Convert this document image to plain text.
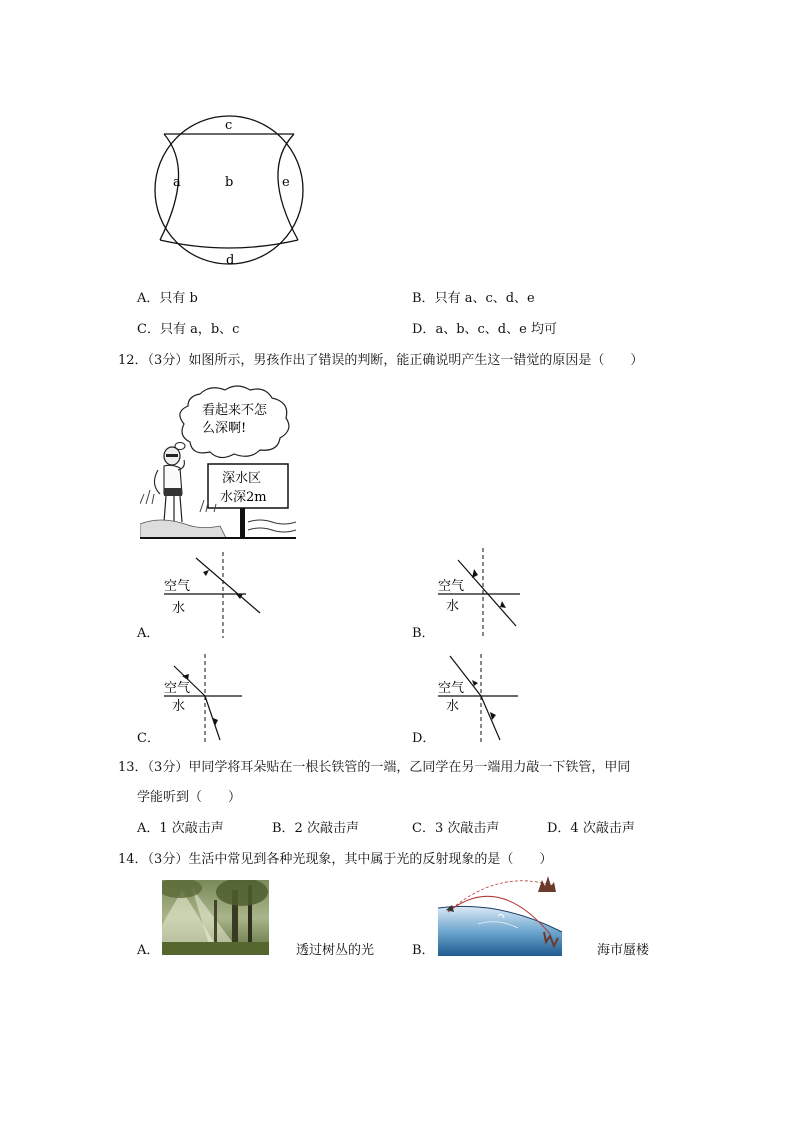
c
a	b	e
d
A．只有 b	B．只有 a、c、d、e
C．只有 a，b、c	D．a、b、c、d、e 均可
12．（3分）如图所示，男孩作出了错误的判断，能正确说明产生这一错觉的原因是（　　）
看起来不怎
么深啊!
深水区
水深2m
空气
水
A．
空气
水
B．
空气
水
C．
空气
水
D．
13．（3分）甲同学将耳朵贴在一根长铁管的一端，乙同学在另一端用力敲一下铁管，甲同
学能听到（　　）
A．1 次敲击声	B．2 次敲击声	C．3 次敲击声	D．4 次敲击声
14．（3分）生活中常见到各种光现象，其中属于光的反射现象的是（　　）
A．	透过树丛的光	B．	海市蜃楼
